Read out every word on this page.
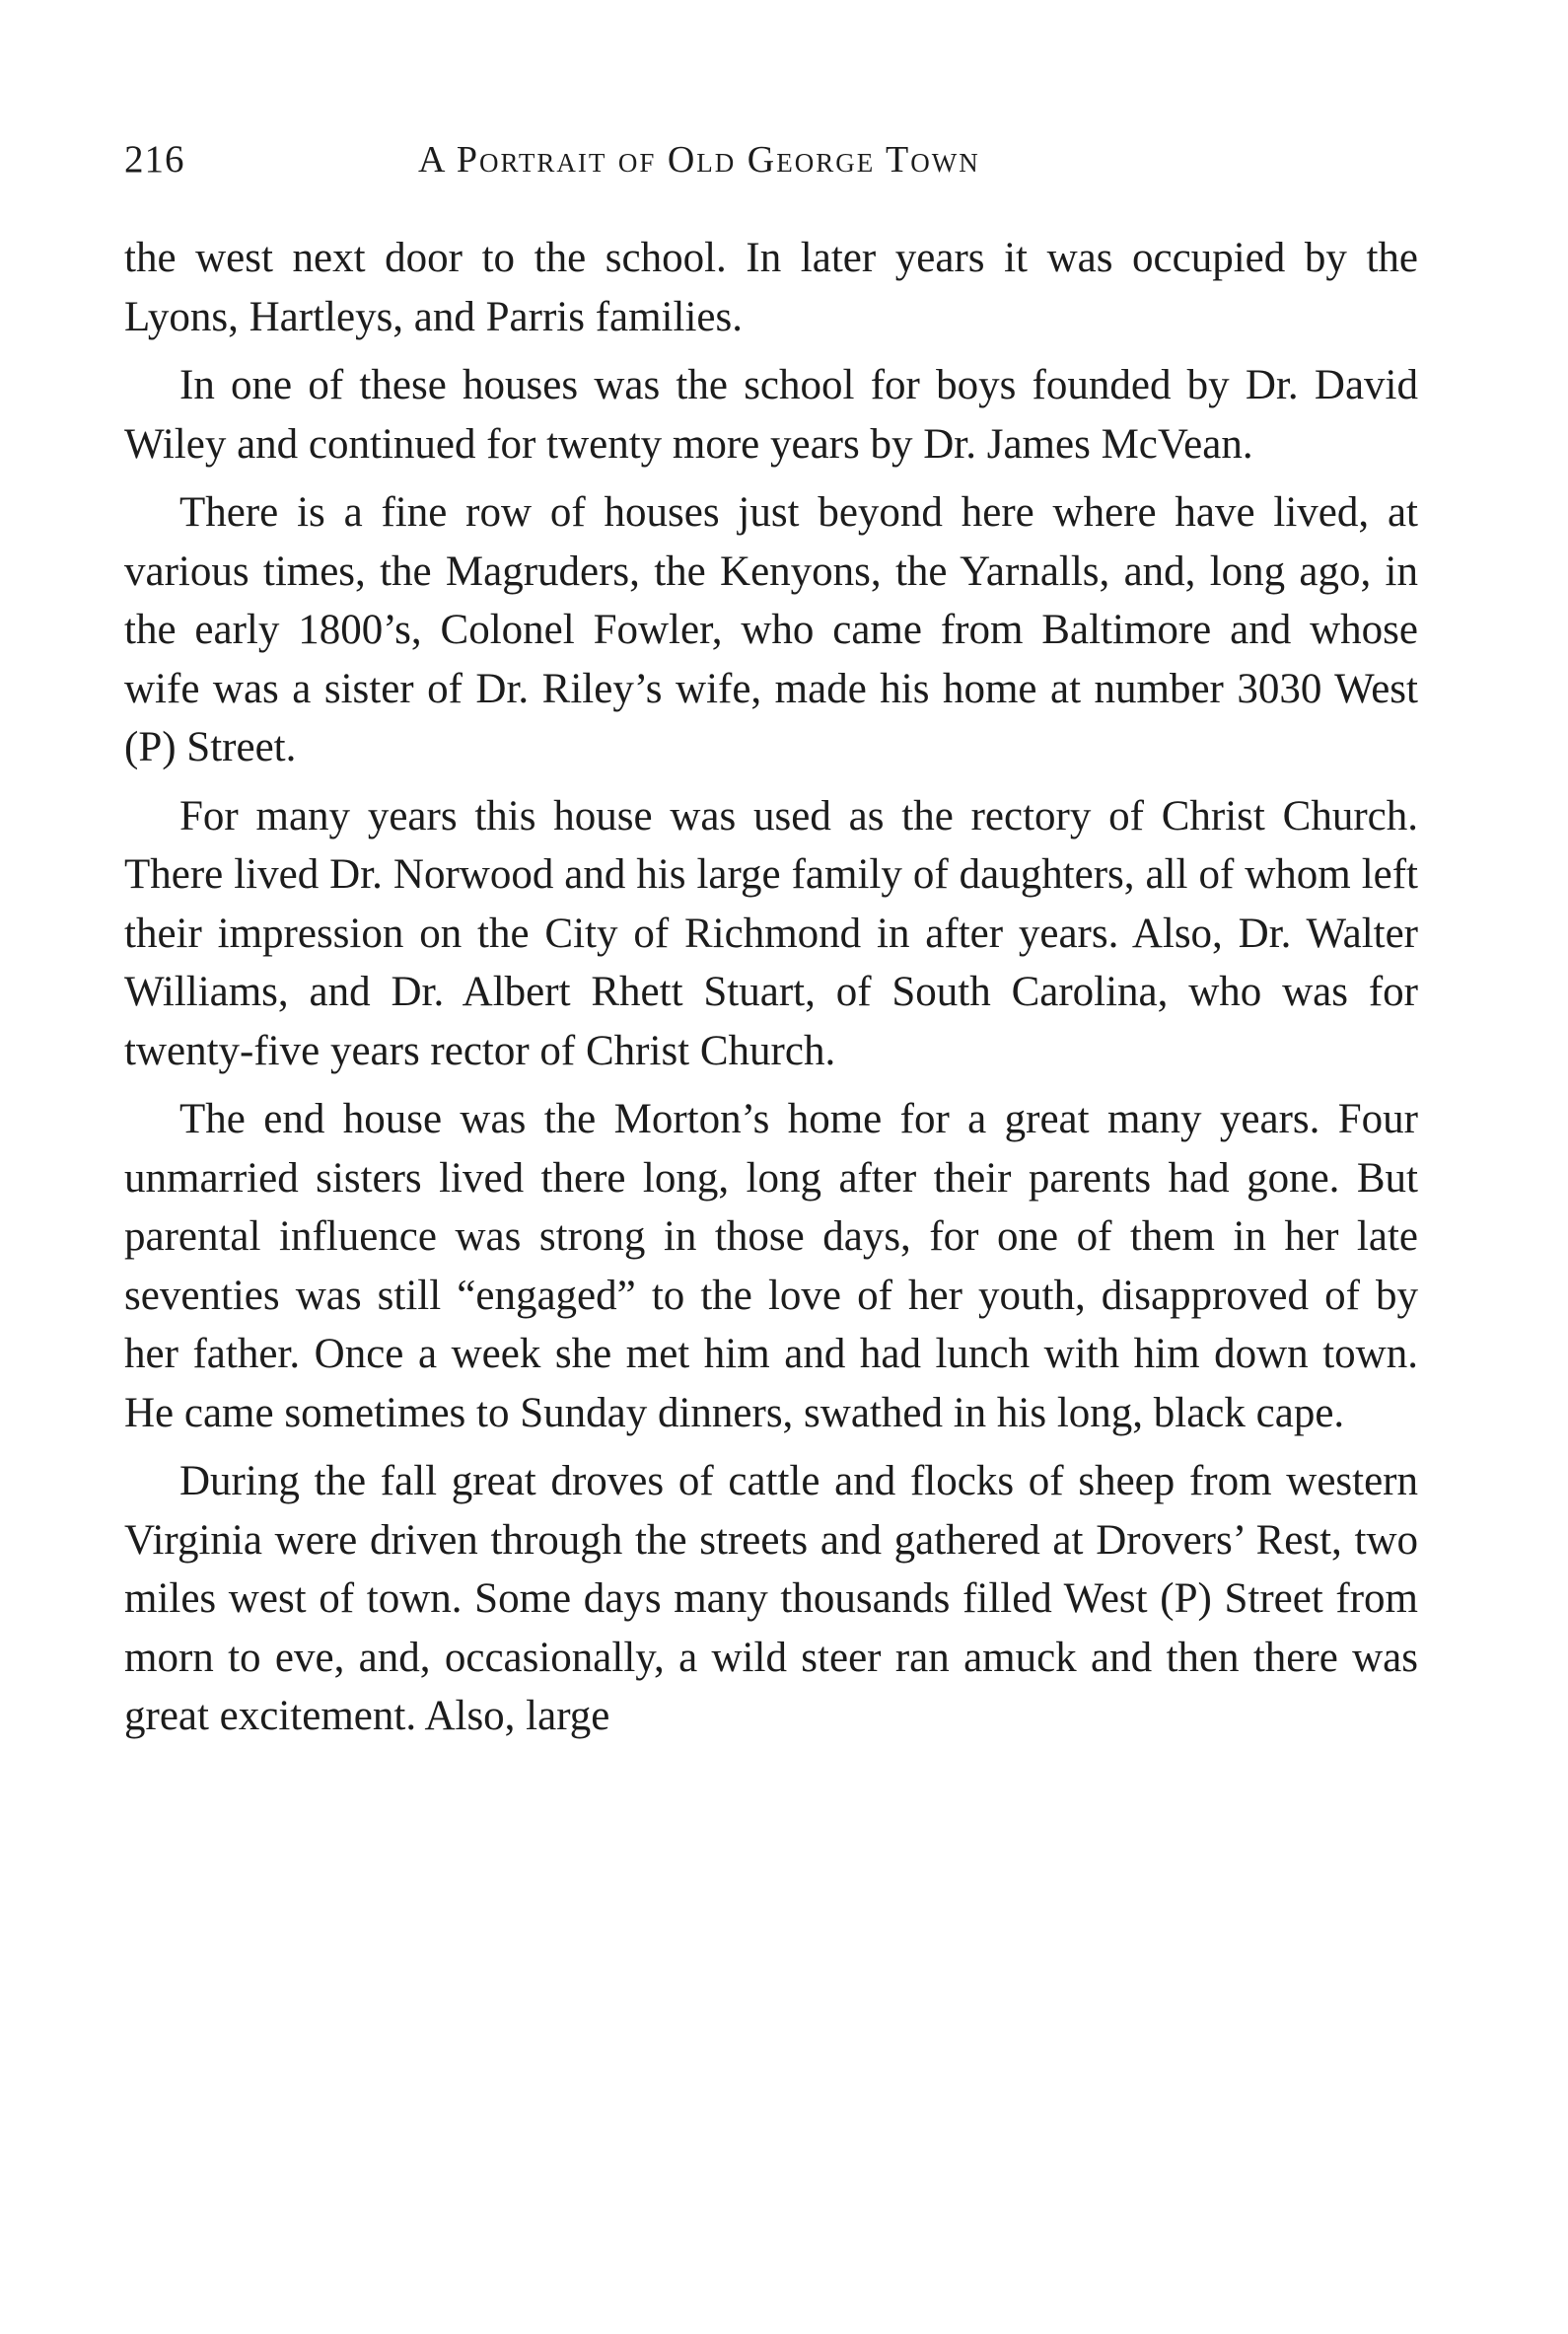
216	A Portrait of Old George Town

the west next door to the school. In later years it was occupied by the Lyons, Hartleys, and Parris families.

In one of these houses was the school for boys founded by Dr. David Wiley and continued for twenty more years by Dr. James McVean.

There is a fine row of houses just beyond here where have lived, at various times, the Magruders, the Kenyons, the Yarnalls, and, long ago, in the early 1800’s, Colonel Fowler, who came from Baltimore and whose wife was a sister of Dr. Riley’s wife, made his home at number 3030 West (P) Street.

For many years this house was used as the rectory of Christ Church. There lived Dr. Norwood and his large family of daughters, all of whom left their impression on the City of Richmond in after years. Also, Dr. Walter Williams, and Dr. Albert Rhett Stuart, of South Carolina, who was for twenty-five years rector of Christ Church.

The end house was the Morton’s home for a great many years. Four unmarried sisters lived there long, long after their parents had gone. But parental influence was strong in those days, for one of them in her late seventies was still “engaged” to the love of her youth, disapproved of by her father. Once a week she met him and had lunch with him down town. He came sometimes to Sunday dinners, swathed in his long, black cape.

During the fall great droves of cattle and flocks of sheep from western Virginia were driven through the streets and gathered at Drovers’ Rest, two miles west of town. Some days many thousands filled West (P) Street from morn to eve, and, occasionally, a wild steer ran amuck and then there was great excitement. Also, large
